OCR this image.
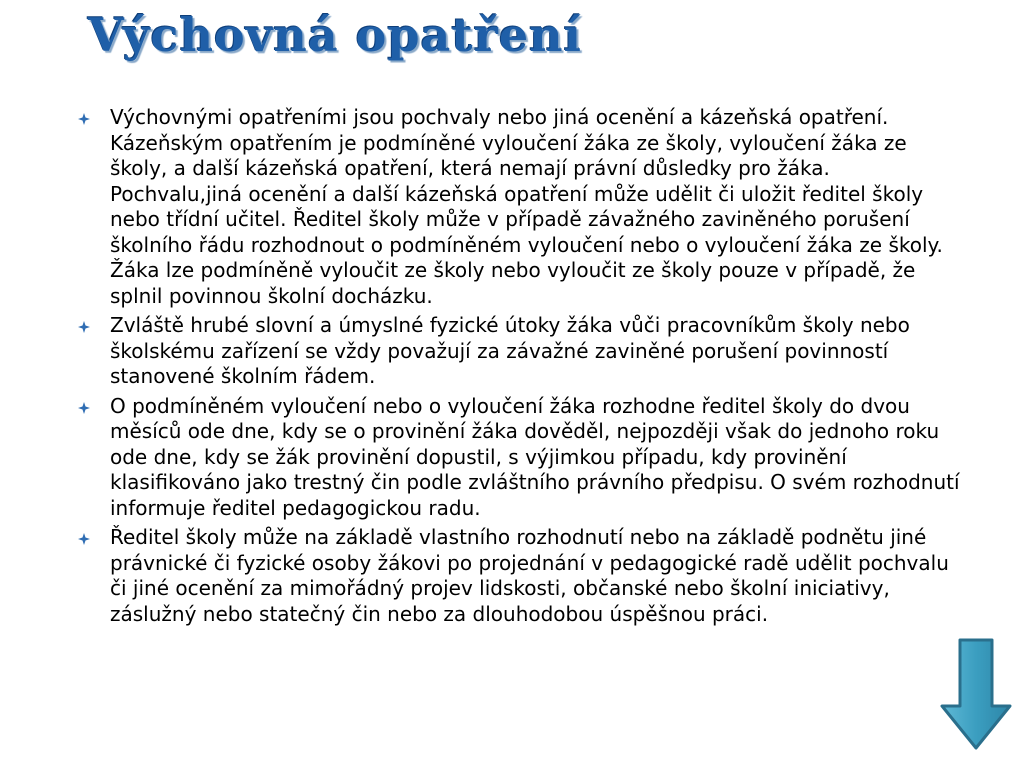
Výchovná opatření
Výchovnými opatřeními jsou pochvaly nebo jiná ocenění a kázeňská opatření. Kázeňským opatřením je podmíněné vyloučení žáka ze školy, vyloučení žáka ze školy, a další kázeňská opatření, která nemají právní důsledky pro žáka. Pochvalu,jiná ocenění a další kázeňská opatření může udělit či uložit ředitel školy nebo třídní učitel. Ředitel školy může v případě závažného zaviněného porušení školního řádu rozhodnout o podmíněném vyloučení nebo o vyloučení žáka ze školy. Žáka lze podmíněně vyloučit ze školy nebo vyloučit ze školy pouze v případě, že splnil povinnou školní docházku.
Zvláště hrubé slovní a úmyslné fyzické útoky žáka vůči pracovníkům školy nebo školskému zařízení se vždy považují za závažné zaviněné porušení povinností stanovené školním řádem.
O podmíněném vyloučení nebo o vyloučení žáka rozhodne ředitel školy do dvou měsíců ode dne, kdy se o provinění žáka dověděl, nejpozději však do jednoho roku ode dne, kdy se žák provinění dopustil, s výjimkou případu, kdy provinění klasifikováno jako trestný čin podle zvláštního právního předpisu. O svém rozhodnutí informuje ředitel pedagogickou radu.
Ředitel školy může na základě vlastního rozhodnutí nebo na základě podnětu jiné právnické či fyzické osoby žákovi po projednání v pedagogické radě udělit pochvalu či jiné ocenění za mimořádný projev lidskosti, občanské nebo školní iniciativy, záslužný nebo statečný čin nebo za dlouhodobou úspěšnou práci.
